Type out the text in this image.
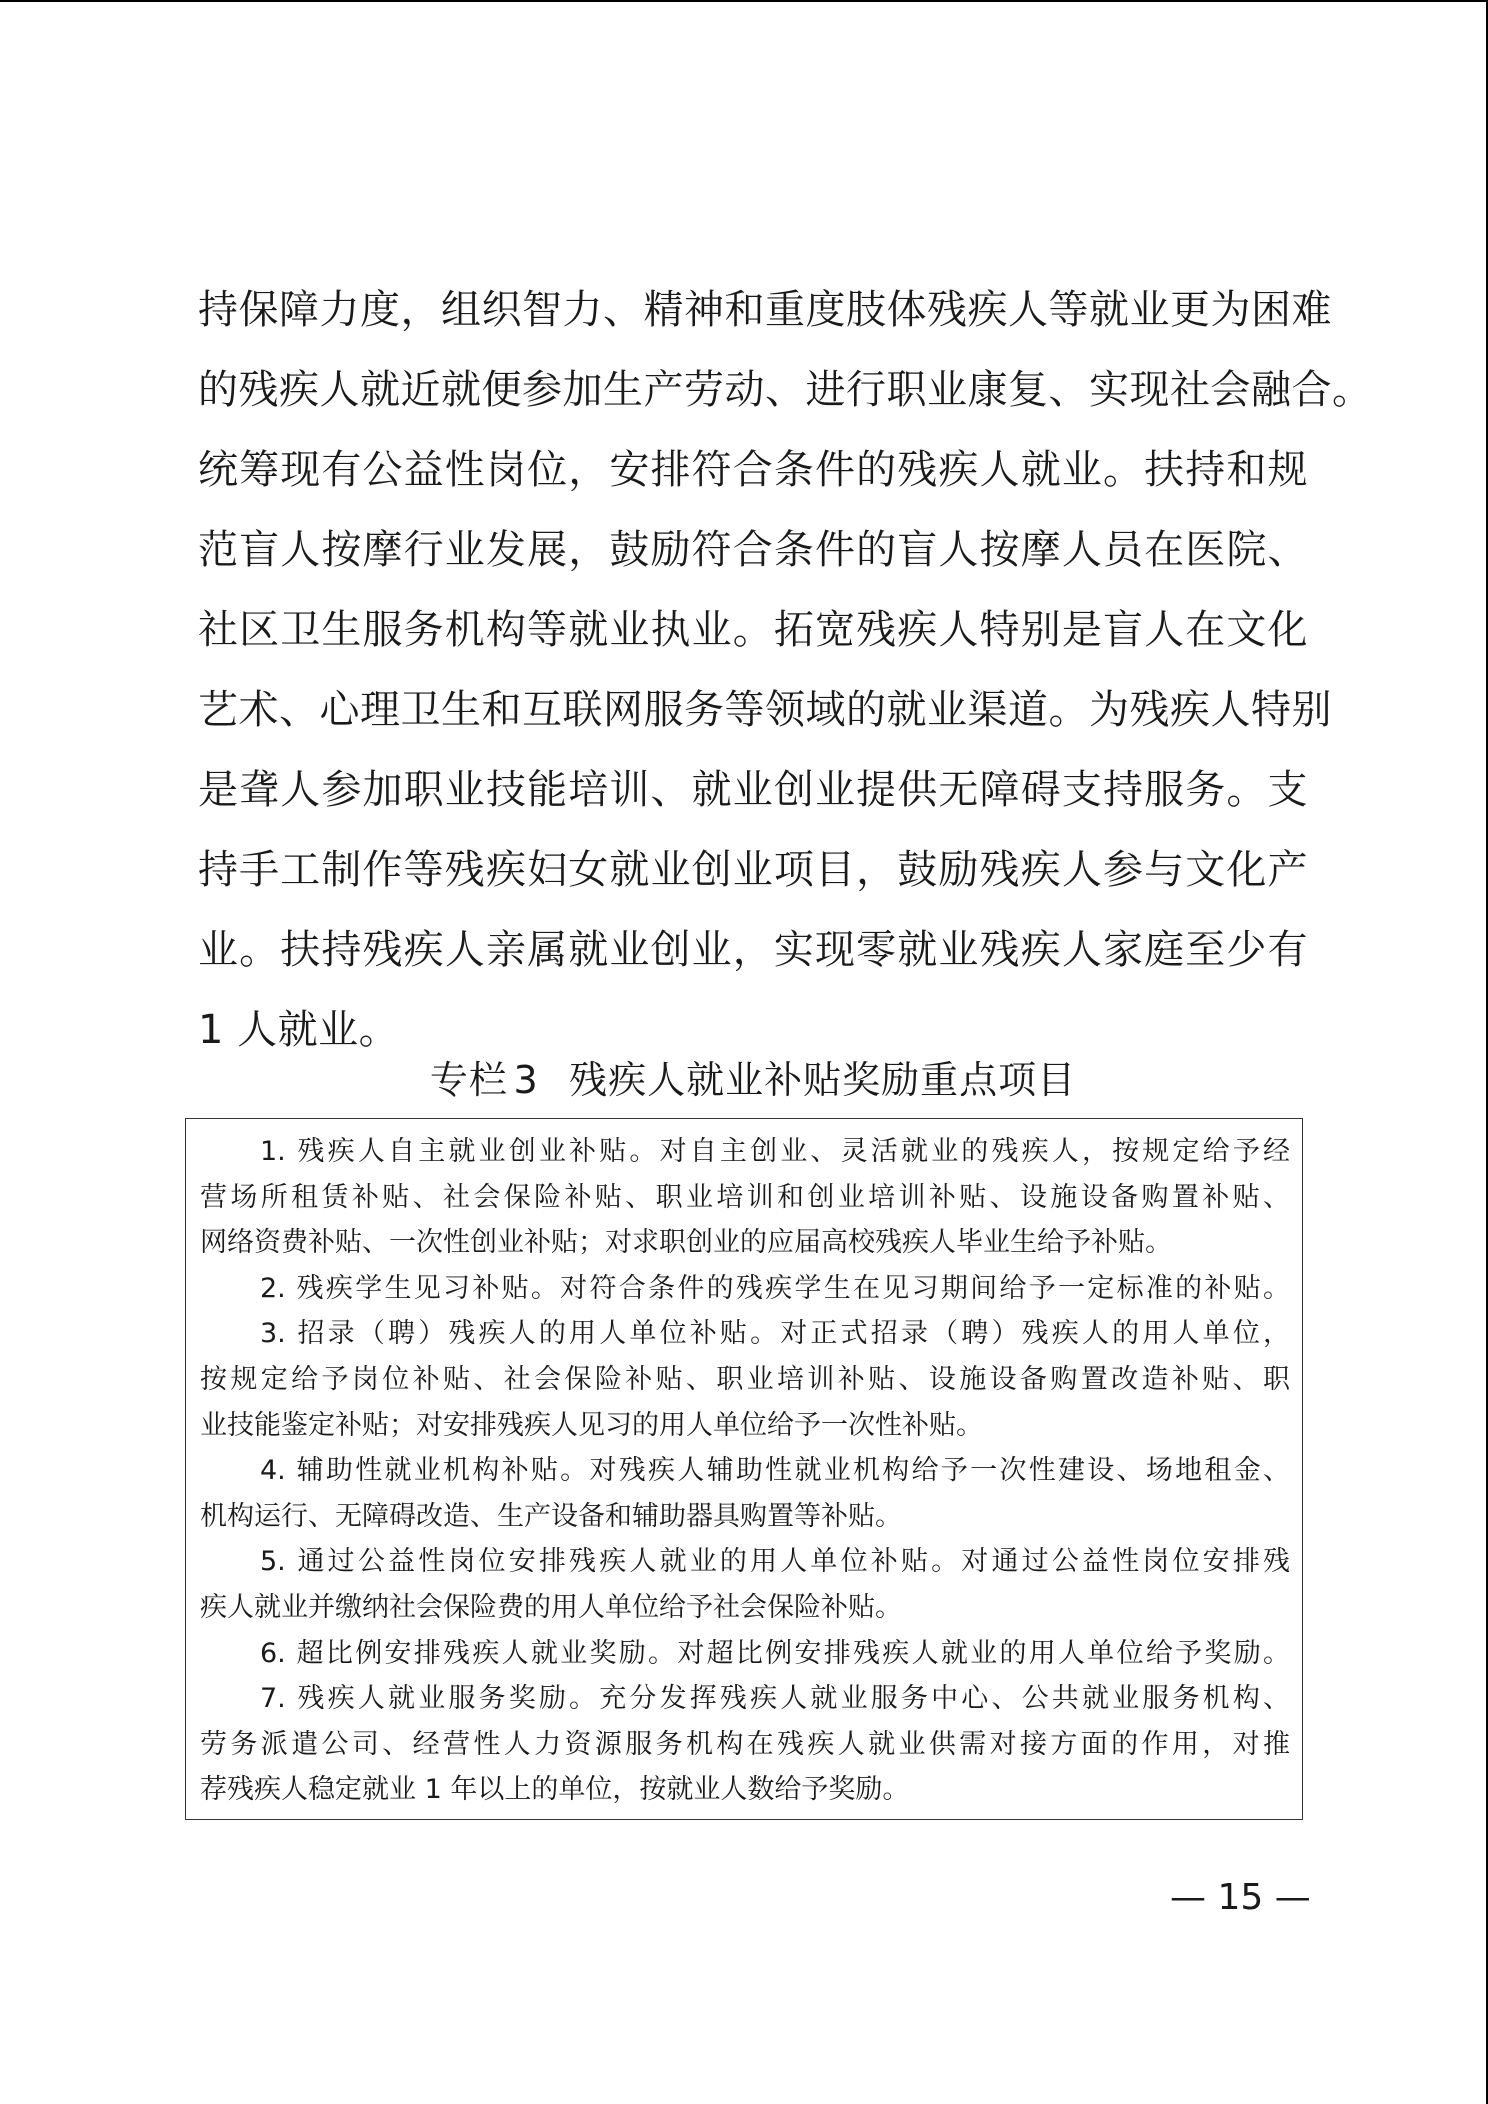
持保障力度，组织智力、精神和重度肢体残疾人等就业更为困难
的残疾人就近就便参加生产劳动、进行职业康复、实现社会融合。
统筹现有公益性岗位，安排符合条件的残疾人就业。扶持和规
范盲人按摩行业发展，鼓励符合条件的盲人按摩人员在医院、
社区卫生服务机构等就业执业。拓宽残疾人特别是盲人在文化
艺术、心理卫生和互联网服务等领域的就业渠道。为残疾人特别
是聋人参加职业技能培训、就业创业提供无障碍支持服务。支
持手工制作等残疾妇女就业创业项目，鼓励残疾人参与文化产
业。扶持残疾人亲属就业创业，实现零就业残疾人家庭至少有
1 人就业。
专栏 3 残疾人就业补贴奖励重点项目
1. 残疾人自主就业创业补贴。对自主创业、灵活就业的残疾人，按规定给予经
营场所租赁补贴、社会保险补贴、职业培训和创业培训补贴、设施设备购置补贴、
网络资费补贴、一次性创业补贴；对求职创业的应届高校残疾人毕业生给予补贴。
2. 残疾学生见习补贴。对符合条件的残疾学生在见习期间给予一定标准的补贴。
3. 招录（聘）残疾人的用人单位补贴。对正式招录（聘）残疾人的用人单位，
按规定给予岗位补贴、社会保险补贴、职业培训补贴、设施设备购置改造补贴、职
业技能鉴定补贴；对安排残疾人见习的用人单位给予一次性补贴。
4. 辅助性就业机构补贴。对残疾人辅助性就业机构给予一次性建设、场地租金、
机构运行、无障碍改造、生产设备和辅助器具购置等补贴。
5. 通过公益性岗位安排残疾人就业的用人单位补贴。对通过公益性岗位安排残
疾人就业并缴纳社会保险费的用人单位给予社会保险补贴。
6. 超比例安排残疾人就业奖励。对超比例安排残疾人就业的用人单位给予奖励。
7. 残疾人就业服务奖励。充分发挥残疾人就业服务中心、公共就业服务机构、
劳务派遣公司、经营性人力资源服务机构在残疾人就业供需对接方面的作用，对推
荐残疾人稳定就业 1 年以上的单位，按就业人数给予奖励。
— 15 —
